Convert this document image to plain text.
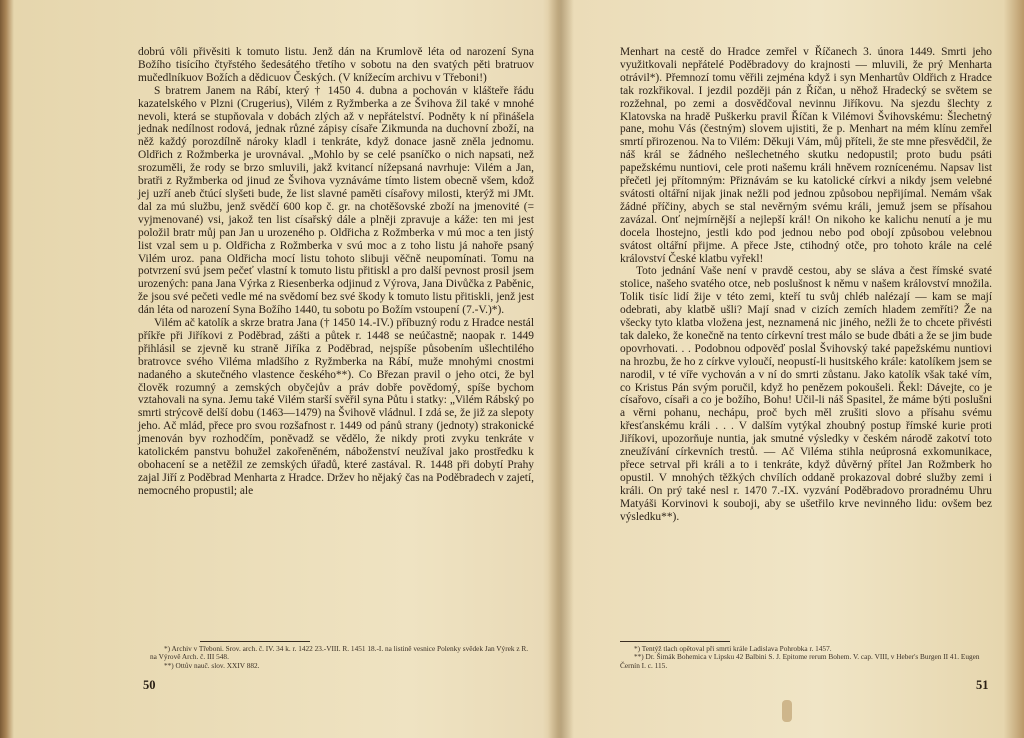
dobrú vôli přivěsiti k tomuto listu. Jenž dán na Krumlově léta od narození Syna Božího tisícího čtyřstého šedesátého třetího v sobotu na den svatých pěti bratruov mučedlníkuov Božích a dědicuov Českých. (V knížecím archivu v Třeboni!)

S bratrem Janem na Rábí, který † 1450 4. dubna a pochován v klášteře řádu kazatelského v Plzni (Crugerius), Vilém z Ryžmberka a ze Švihova žil také v mnohé nevoli, která se stupňovala v dobách zlých až v nepřátelství. Podněty k ní přinášela jednak nedílnost rodová, jednak různé zápisy císaře Zikmunda na duchovní zboží, na něž každý porozdílně nároky kladl i tenkráte, když donace jasně zněla jednomu. Oldřich z Rožmberka je urovnával. „Mohlo by se celé psaníčko o nich napsati, než srozuměli, že rody se brzo smluvili, jakž kvitancí nížepsaná navrhuje: Vilém a Jan, bratři z Ryžmberka od jinud ze Švihova vyznáváme tímto listem obecně všem, kdož jej uzří aneb čtúcí slyšeti bude, že list slavné paměti císařovy milosti, kterýž mi JMt. dal za mú službu, jenž svědčí 600 kop č. gr. na chotěšovské zboží na jmenovité (= vyjmenované) vsi, jakož ten list císařský dále a plněji zpravuje a káže: ten mi jest položil bratr můj pan Jan u urozeného p. Oldřicha z Rožmberka v mú moc a ten jistý list vzal sem u p. Oldřicha z Rožmberka v svú moc a z toho listu já nahoře psaný Vilém uroz. pana Oldřicha mocí listu tohoto slibuji věčně neupomínati. Tomu na potvrzení svú jsem pečeť vlastní k tomuto listu přitiskl a pro další pevnost prosil jsem urozených: pana Jana Výrka z Riesenberka odjinud z Výrova, Jana Divůčka z Paběnic, že jsou své pečeti vedle mé na svědomí bez své škody k tomuto listu přitiskli, jenž jest dán léta od narození Syna Božího 1440, tu sobotu po Božím vstoupení (7.-V.)*).

Vilém ač katolík a skrze bratra Jana († 1450 14.-IV.) příbuzný rodu z Hradce nestál příkře při Jiříkovi z Poděbrad, zášti a půtek r. 1448 se neúčastně; naopak r. 1449 přihlásil se zjevně ku straně Jiříka z Poděbrad, nejspíše působením ušlechtilého bratrovce svého Viléma mladšího z Ryžmberka na Rábí, muže mnohými cnostmi nadaného a skutečného vlastence českého**). Co Březan pravil o jeho otci, že byl člověk rozumný a zemských obyčejův a práv dobře povědomý, spíše bychom vztahovali na syna. Jemu také Vilém starší svěřil syna Půtu i statky: „Vilém Rábský po smrti strýcově delší dobu (1463—1479) na Švihově vládnul. I zdá se, že již za slepoty jeho. Ač mlád, přece pro svou rozšafnost r. 1449 od pánů strany (jednoty) strakonické jmenován byv rozhodčím, poněvadž se vědělo, že nikdy proti zvyku tenkráte v katolickém panstvu bohužel zakořeněném, náboženství neužíval jako prostředku k obohacení se a netěžil ze zemských úřadů, které zastával. R. 1448 při dobytí Prahy zajal Jiří z Poděbrad Menharta z Hradce. Držev ho nějaký čas na Poděbradech v zajetí, nemocného propustil; ale

*) Archiv v Třeboni. Srov. arch. č. IV. 34 k. r. 1422 23.-VIII. R. 1451 18.-I. na listině vesnice Polenky svědek Jan Výrek z R. na Výrově Arch. č. III 548.

**) Ottův nauč. slov. XXIV 882.

50

Menhart na cestě do Hradce zemřel v Říčanech 3. února 1449. Smrti jeho využitkovali nepřátelé Poděbradovy do krajnosti — mluvili, že prý Menharta otrávil*). Přemnozí tomu věřili zejména když i syn Menhartův Oldřich z Hradce tak rozkřikoval. I jezdil později pán z Říčan, u něhož Hradecký se světem se rozžehnal, po zemi a dosvědčoval nevinnu Jiříkovu. Na sjezdu šlechty z Klatovska na hradě Puškerku pravil Říčan k Vilémovi Švihovskému: Šlechetný pane, mohu Vás (čestným) slovem ujistiti, že p. Menhart na mém klínu zemřel smrtí přirozenou. Na to Vilém: Děkuji Vám, můj příteli, že ste mne přesvědčil, že náš král se žádného nešlechetného skutku nedopustil; proto budu psáti papežskému nuntiovi, cele proti našemu králi hněvem roznícenému. Napsav list přečetl jej přítomným: Přiznávám se ku katolické církvi a nikdy jsem velebné svátosti oltářní nijak jinak nežli pod jednou způsobou nepřijímal. Nemám však žádné příčiny, abych se stal nevěrným svému králi, jemuž jsem se přísahou zavázal. Onť nejmírnější a nejlepší král! On nikoho ke kalichu nenutí a je mu docela lhostejno, jestli kdo pod jednou nebo pod obojí způsobou velebnou svátost oltářní přijme. A přece Jste, ctihodný otče, pro tohoto krále na celé království České klatbu vyřekl!

Toto jednání Vaše není v pravdě cestou, aby se sláva a čest římské svaté stolice, našeho svatého otce, neb poslušnost k němu v našem království množila. Tolik tisíc lidí žije v této zemi, kteří tu svůj chléb nalézají — kam se mají odebrati, aby klatbě ušli? Mají snad v cizích zemích hladem zemříti? Že na všecky tyto klatba vložena jest, neznamená nic jiného, nežli že to chcete přivésti tak daleko, že konečně na tento církevní trest málo se bude dbáti a že se jim bude opovrhovati. . . Podobnou odpověď poslal Švihovský také papežskému nuntiovi na hrozbu, že ho z církve vyloučí, neopustí-li husitského krále: katolíkem jsem se narodil, v té víře vychován a v ní do smrti zůstanu. Jako katolík však také vím, co Kristus Pán svým poručil, když ho penězem pokoušeli. Řekl: Dávejte, co je císařovo, císaři a co je božího, Bohu! Učil-li náš Spasitel, že máme býti poslušni a věrni pohanu, nechápu, proč bych měl zrušiti slovo a přísahu svému křesťanskému králi . . . V dalším vytýkal zhoubný postup římské kurie proti Jiříkovi, upozorňuje nuntia, jak smutné výsledky v českém národě zakotví toto zneužívání církevních trestů. — Ač Viléma stihla neúprosná exkomunikace, přece setrval při králi a to i tenkráte, když důvěrný přítel Jan Rožmberk ho opustil. V mnohých těžkých chvílích oddaně prokazoval dobré služby zemi i králi. On prý také nesl r. 1470 7.-IX. vyzvání Poděbradovo proradnému Uhru Matyáši Korvinovi k souboji, aby se ušetřilo krve nevinného lidu: ovšem bez výsledku**).

*) Tentýž tlach opětoval při smrti krále Ladislava Pohrobka r. 1457.

**) Dr. Šimák Bohemica v Lipsku 42 Balbini S. J. Epitome rerum Bohem. V. cap. VIII, v Heber's Burgen II 41. Eugen Černín I. c. 115.

51
